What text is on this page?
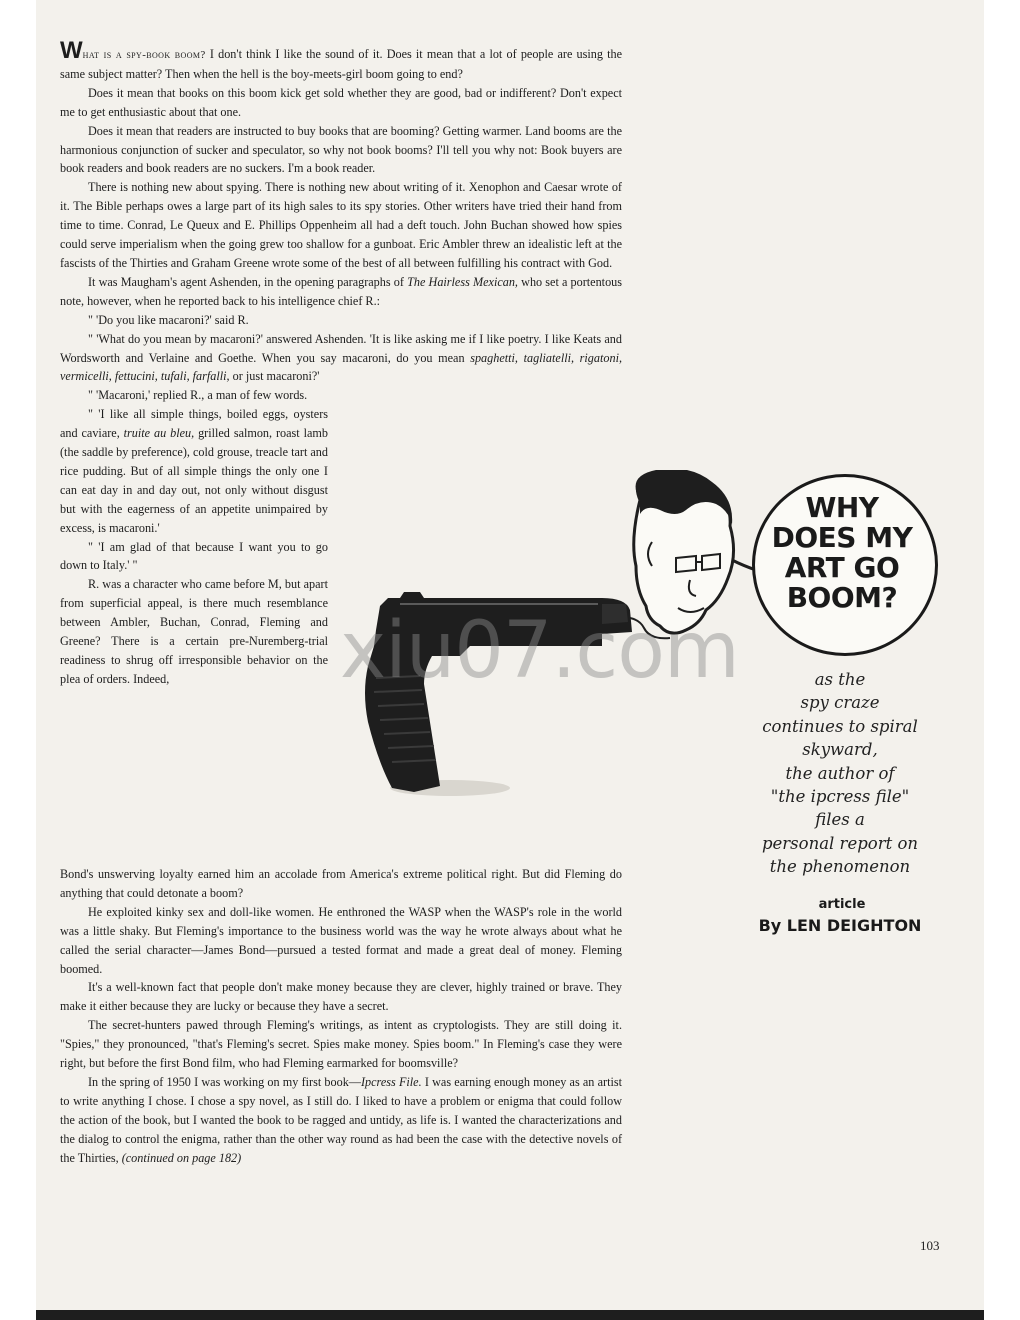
WHY
DOES MY
ART GO
BOOM?
as the
spy craze
continues to spiral
skyward,
the author of
"the ipcress file"
files a
personal report on
the phenomenon
article
By LEN DEIGHTON

What is a spy-book boom? I don't think I like the sound of it. Does it mean that a lot of people are using the same subject matter? Then when the hell is the boy-meets-girl boom going to end?

Does it mean that books on this boom kick get sold whether they are good, bad or indifferent? Don't expect me to get enthusiastic about that one.

Does it mean that readers are instructed to buy books that are booming? Getting warmer. Land booms are the harmonious conjunction of sucker and speculator, so why not book booms? I'll tell you why not: Book buyers are book readers and book readers are no suckers. I'm a book reader.

There is nothing new about spying. There is nothing new about writing of it. Xenophon and Caesar wrote of it. The Bible perhaps owes a large part of its high sales to its spy stories. Other writers have tried their hand from time to time. Conrad, Le Queux and E. Phillips Oppenheim all had a deft touch. John Buchan showed how spies could serve imperialism when the going grew too shallow for a gunboat. Eric Ambler threw an idealistic left at the fascists of the Thirties and Graham Greene wrote some of the best of all between fulfilling his contract with God.

It was Maugham's agent Ashenden, in the opening paragraphs of The Hairless Mexican, who set a portentous note, however, when he reported back to his intelligence chief R.:

" 'Do you like macaroni?' said R.

" 'What do you mean by macaroni?' answered Ashenden. 'It is like asking me if I like poetry. I like Keats and Wordsworth and Verlaine and Goethe. When you say macaroni, do you mean spaghetti, tagliatelli, rigatoni, vermicelli, fettucini, tufali, farfalli, or just macaroni?'

" 'Macaroni,' replied R., a man of few words.

" 'I like all simple things, boiled eggs, oysters and caviare, truite au bleu, grilled salmon, roast lamb (the saddle by preference), cold grouse, treacle tart and rice pudding. But of all simple things the only one I can eat day in and day out, not only without disgust but with the eagerness of an appetite unimpaired by excess, is macaroni.'

" 'I am glad of that because I want you to go down to Italy.' "

R. was a character who came before M, but apart from superficial appeal, is there much resemblance between Ambler, Buchan, Conrad, Fleming and Greene? There is a certain pre-Nuremberg-trial readiness to shrug off irresponsible behavior on the plea of orders. Indeed,

Bond's unswerving loyalty earned him an accolade from America's extreme political right. But did Fleming do anything that could detonate a boom?

He exploited kinky sex and doll-like women. He enthroned the WASP when the WASP's role in the world was a little shaky. But Fleming's importance to the business world was the way he wrote always about what he called the serial character—James Bond—pursued a tested format and made a great deal of money. Fleming boomed.

It's a well-known fact that people don't make money because they are clever, highly trained or brave. They make it either because they are lucky or because they have a secret.

The secret-hunters pawed through Fleming's writings, as intent as cryptologists. They are still doing it. "Spies," they pronounced, "that's Fleming's secret. Spies make money. Spies boom." In Fleming's case they were right, but before the first Bond film, who had Fleming earmarked for boomsville?

In the spring of 1950 I was working on my first book—Ipcress File. I was earning enough money as an artist to write anything I chose. I chose a spy novel, as I still do. I liked to have a problem or enigma that could follow the action of the book, but I wanted the book to be ragged and untidy, as life is. I wanted the characterizations and the dialog to control the enigma, rather than the other way round as had been the case with the detective novels of the Thirties, (continued on page 182)

xiu07.com
103
